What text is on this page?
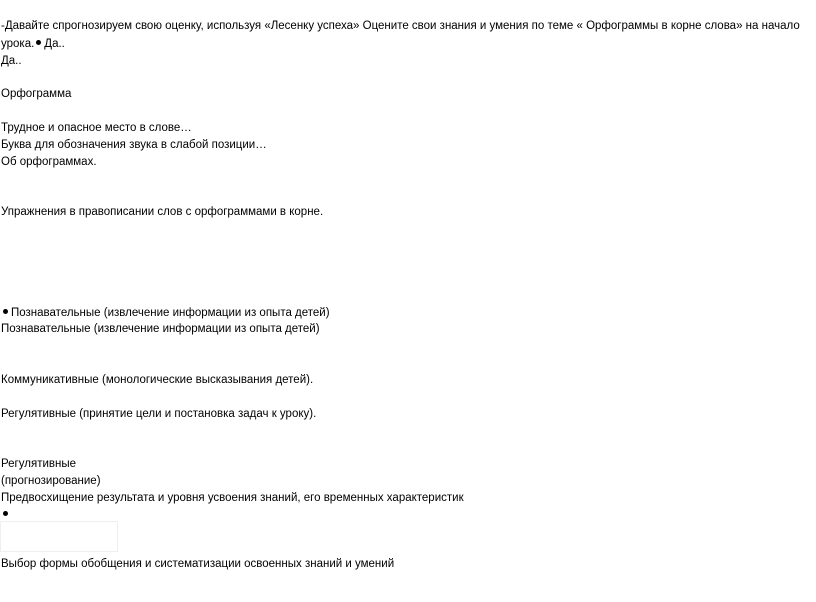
-Давайте спрогнозируем свою оценку, используя «Лесенку успеха» Оцените свои знания и умения по теме « Орфограммы в корне слова» на начало
урока. Да..
Да..
Орфограмма
Трудное и опасное место в слове…
Буква для обозначения звука в слабой позиции…
Об орфограммах.
Упражнения в правописании слов с орфограммами в корне.
Познавательные (извлечение информации из опыта детей)
Познавательные (извлечение информации из опыта детей)
Коммуникативные (монологические высказывания детей).
Регулятивные (принятие цели и постановка задач к уроку).
Регулятивные
(прогнозирование)
Предвосхищение результата и уровня усвоения знаний, его временных характеристик
Выбор формы обобщения и систематизации освоенных знаний и умений
